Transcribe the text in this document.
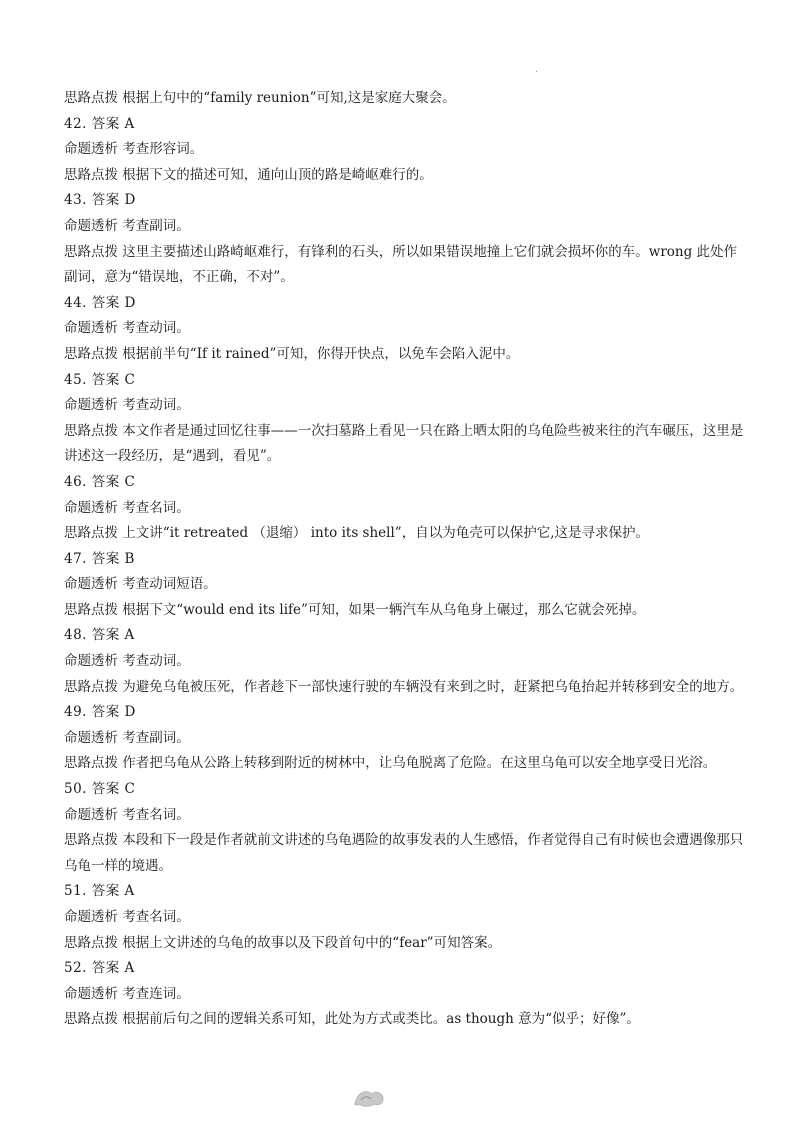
·
思路点拨 根据上句中的“family reunion”可知,这是家庭大聚会。
42. 答案 A
命题透析 考查形容词。
思路点拨 根据下文的描述可知，通向山顶的路是崎岖难行的。
43. 答案 D
命题透析 考查副词。
思路点拨 这里主要描述山路崎岖难行，有锋利的石头，所以如果错误地撞上它们就会损坏你的车。wrong 此处作副词，意为“错误地，不正确，不对”。
44. 答案 D
命题透析 考查动词。
思路点拨 根据前半句“If it rained”可知，你得开快点，以免车会陷入泥中。
45. 答案 C
命题透析 考查动词。
思路点拨 本文作者是通过回忆往事——一次扫墓路上看见一只在路上晒太阳的乌龟险些被来往的汽车碾压，这里是讲述这一段经历，是“遇到，看见”。
46. 答案 C
命题透析 考查名词。
思路点拨 上文讲“it retreated （退缩） into its shell”，自以为龟壳可以保护它,这是寻求保护。
47. 答案 B
命题透析 考查动词短语。
思路点拨 根据下文“would end its life”可知，如果一辆汽车从乌龟身上碾过，那么它就会死掉。
48. 答案 A
命题透析 考查动词。
思路点拨 为避免乌龟被压死，作者趁下一部快速行驶的车辆没有来到之时，赶紧把乌龟抬起并转移到安全的地方。
49. 答案 D
命题透析 考查副词。
思路点拨 作者把乌龟从公路上转移到附近的树林中，让乌龟脱离了危险。在这里乌龟可以安全地享受日光浴。
50. 答案 C
命题透析 考查名词。
思路点拨 本段和下一段是作者就前文讲述的乌龟遇险的故事发表的人生感悟，作者觉得自己有时候也会遭遇像那只乌龟一样的境遇。
51. 答案 A
命题透析 考查名词。
思路点拨 根据上文讲述的乌龟的故事以及下段首句中的“fear”可知答案。
52. 答案 A
命题透析 考查连词。
思路点拨 根据前后句之间的逻辑关系可知，此处为方式或类比。as though 意为“似乎；好像”。
